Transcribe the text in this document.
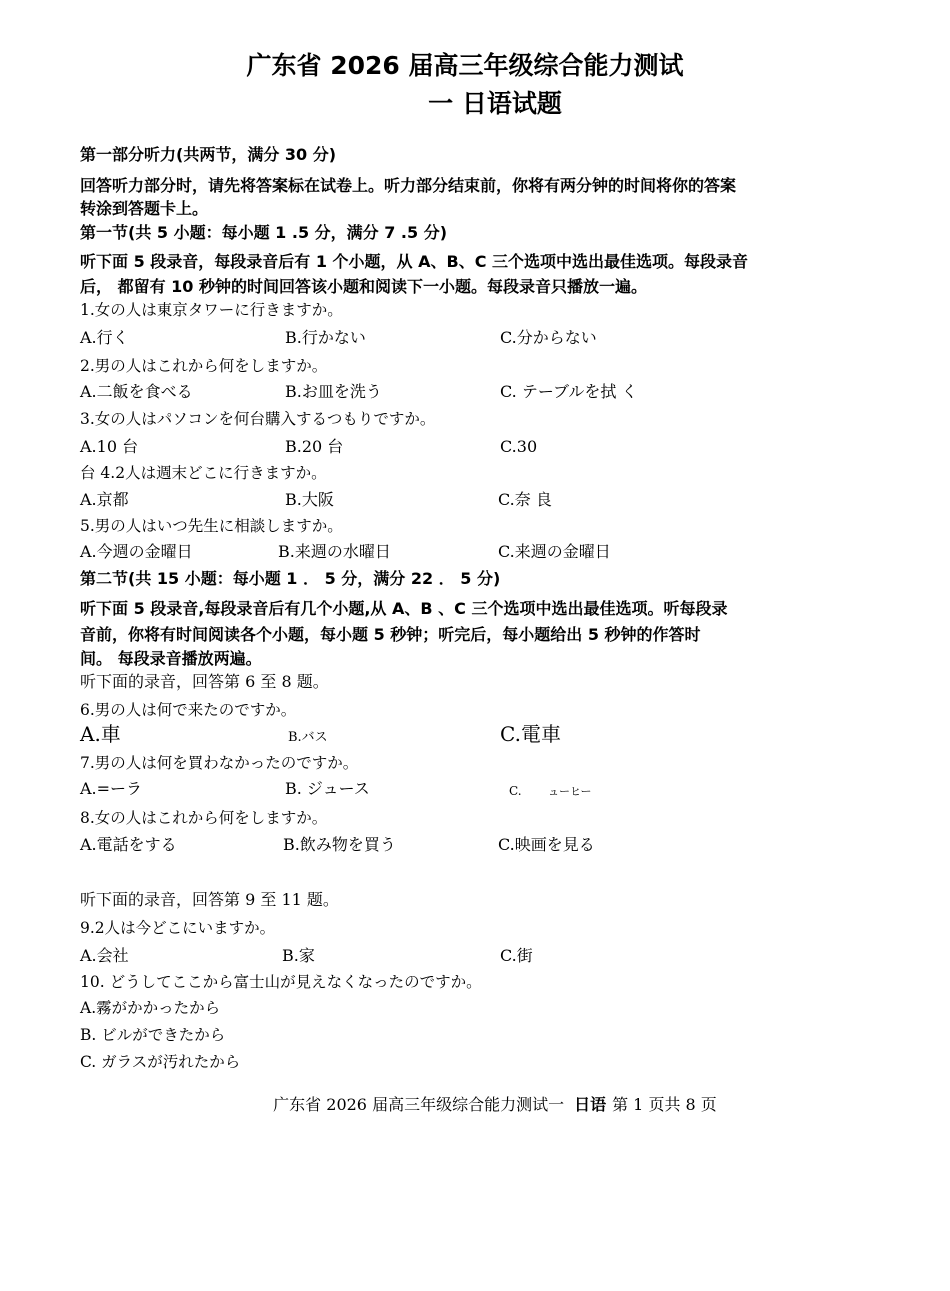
广东省 2026 届高三年级综合能力测试
一 日语试题
第一部分听力(共两节，满分 30 分)
回答听力部分时，请先将答案标在试卷上。听力部分结束前，你将有两分钟的时间将你的答案
转涂到答题卡上。
第一节(共 5 小题：每小题 1 .5 分，满分 7 .5 分)
听下面 5 段录音，每段录音后有 1 个小题，从 A、B、C 三个选项中选出最佳选项。每段录音
后， 都留有 10 秒钟的时间回答该小题和阅读下一小题。每段录音只播放一遍。
1.女の人は東京タワーに行きますか。
A.行く	B.行かない	C.分からない
2.男の人はこれから何をしますか。
A.二飯を食べる	B.お皿を洗う	C. テーブルを拭 く
3.女の人はパソコンを何台購入するつもりですか。
A.10 台	B.20 台	C.30
台 4.2人は週末どこに行きますか。
A.京都	B.大阪	C.奈 良
5.男の人はいつ先生に相談しますか。
A.今週の金曜日	B.来週の水曜日	C.来週の金曜日
第二节(共 15 小题：每小题 1 ． 5 分，满分 22 ． 5 分)
听下面 5 段录音,每段录音后有几个小题,从 A、B 、C 三个选项中选出最佳选项。听每段录
音前，你将有时间阅读各个小题，每小题 5 秒钟；听完后，每小题给出 5 秒钟的作答时
间。 每段录音播放两遍。
听下面的录音，回答第 6 至 8 题。
6.男の人は何で来たのですか。
A.車	B.バス	C.電車
7.男の人は何を買わなかったのですか。
A.=ーラ	B. ジュース	C. ューヒー
8.女の人はこれから何をしますか。
A.電話をする	B.飲み物を買う	C.映画を見る
听下面的录音，回答第 9 至 11 题。
9.2人は今どこにいますか。
A.会社	B.家	C.街
10. どうしてここから富士山が見えなくなったのですか。
A.霧がかかったから
B. ビルができたから
C. ガラスが汚れたから
广东省 2026 届高三年级综合能力测试一 日语 第 1 页共 8 页
